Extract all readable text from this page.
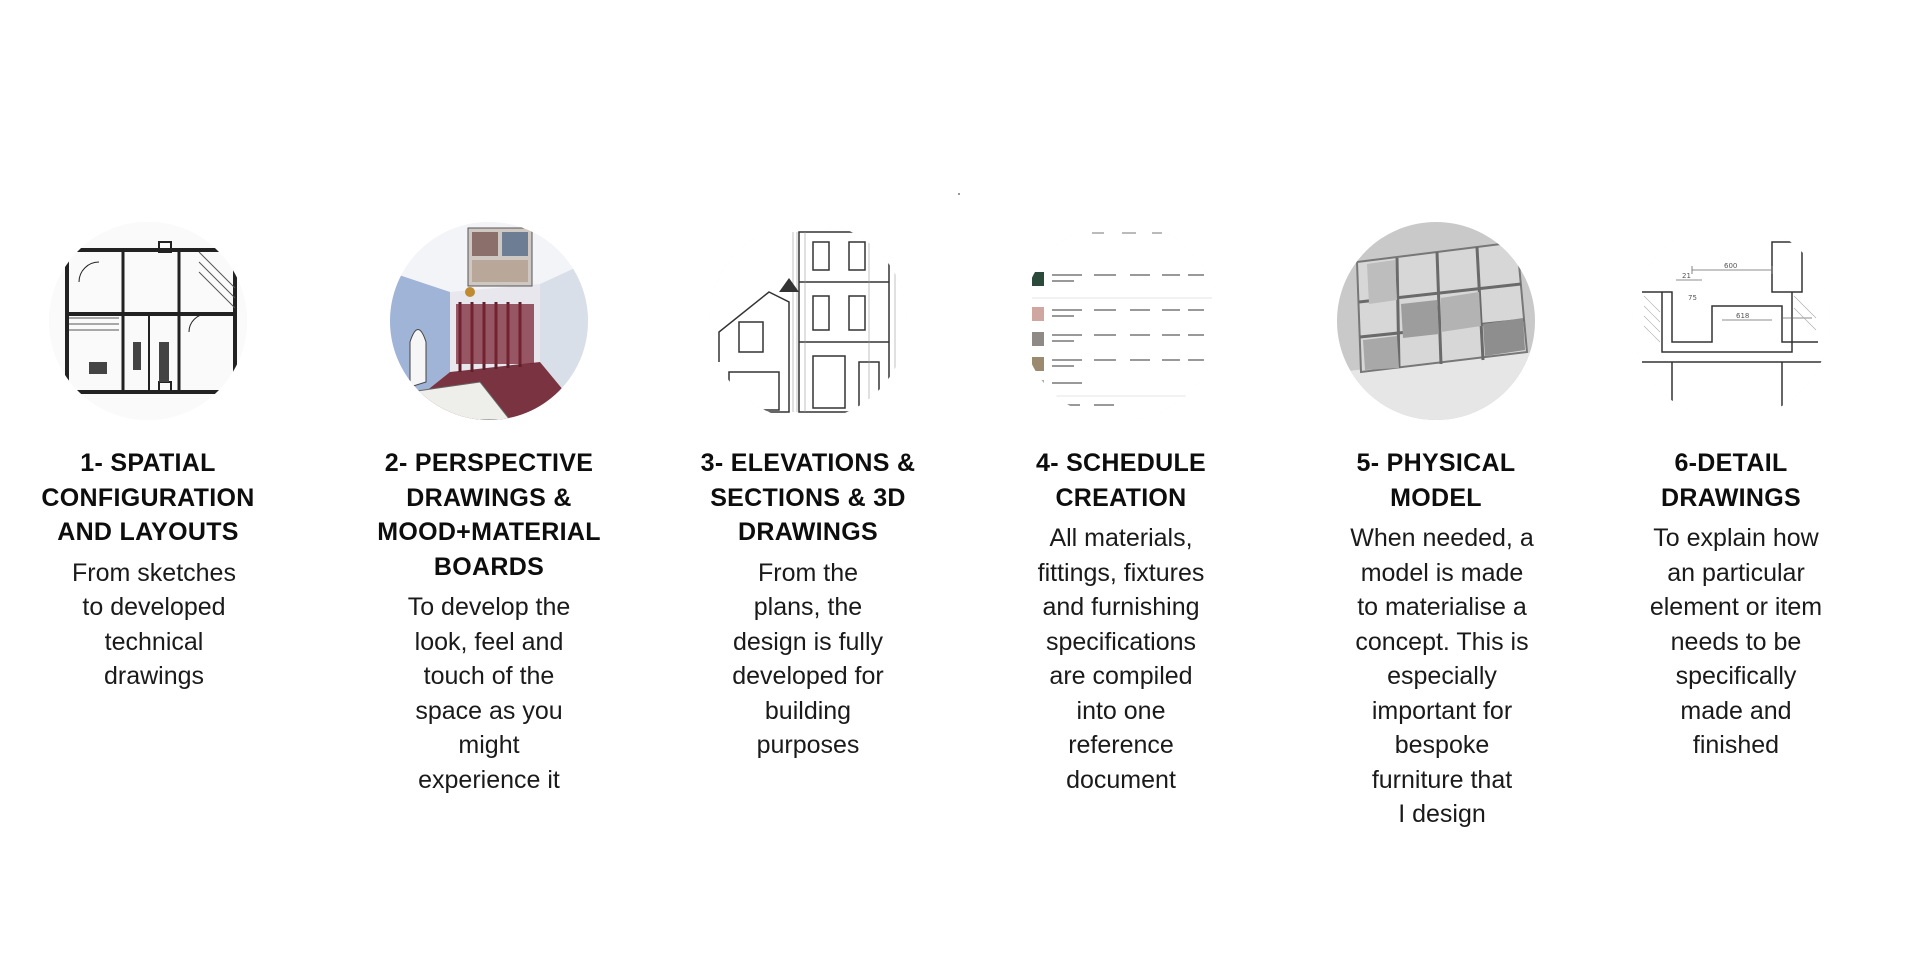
1- SPATIAL
CONFIGURATION
AND LAYOUTS
From sketches
to developed
technical
drawings
2- PERSPECTIVE
DRAWINGS &
MOOD+MATERIAL
BOARDS
To develop the
look, feel and
touch of the
space as you
might
experience it
3- ELEVATIONS &
SECTIONS & 3D
DRAWINGS
From the
plans, the
design is fully
developed for
building
purposes
4- SCHEDULE
CREATION
All materials,
fittings, fixtures
and furnishing
specifications
are compiled
into one
reference
document
5- PHYSICAL
MODEL
When needed, a
model is made
to materialise a
concept. This is
especially
important for
bespoke
furniture that
I design
600
21
618
75
6-DETAIL
DRAWINGS
To explain how
an particular
element or item
needs to be
specifically
made and
finished
